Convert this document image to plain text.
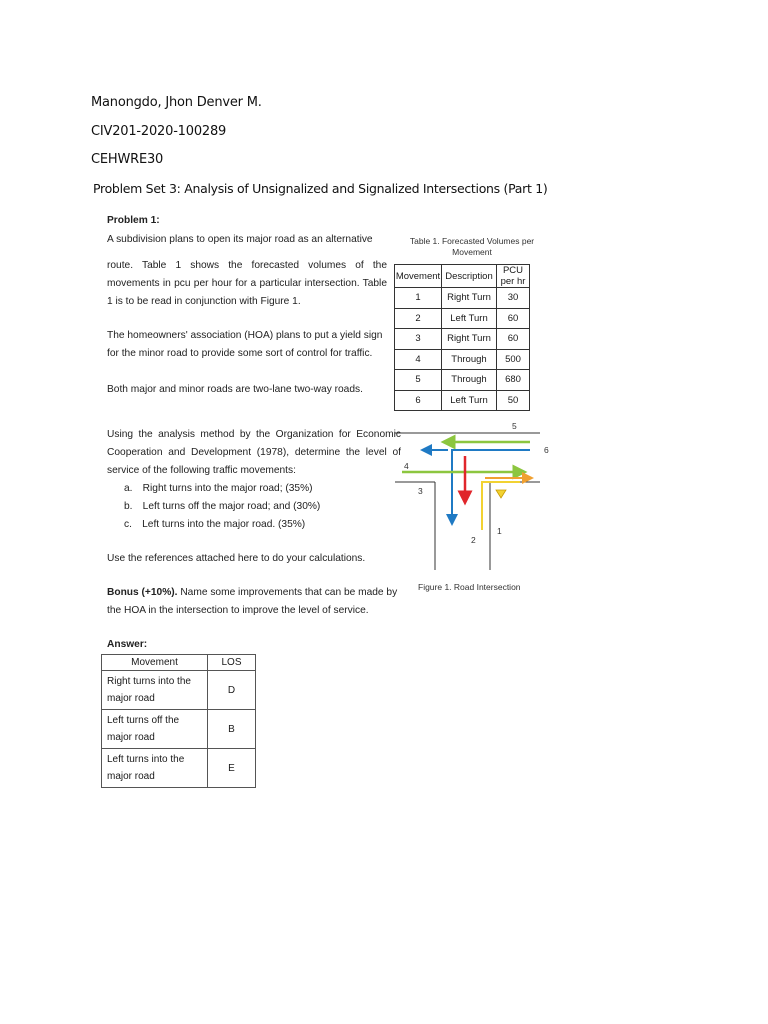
Manongdo, Jhon Denver M.
CIV201-2020-100289
CEHWRE30
Problem Set 3: Analysis of Unsignalized and Signalized Intersections (Part 1)
Problem 1:
A subdivision plans to open its major road as an alternative
route. Table 1 shows the forecasted volumes of the movements in pcu per hour for a particular intersection. Table 1 is to be read in conjunction with Figure 1.
The homeowners' association (HOA) plans to put a yield sign for the minor road to provide some sort of control for traffic.
Both major and minor roads are two-lane two-way roads.
Using the analysis method by the Organization for Economic Cooperation and Development (1978), determine the level of service of the following traffic movements:
a. Right turns into the major road; (35%)
b. Left turns off the major road; and (30%)
c. Left turns into the major road. (35%)
Use the references attached here to do your calculations.
Bonus (+10%). Name some improvements that can be made by the HOA in the intersection to improve the level of service.
Table 1. Forecasted Volumes per Movement
Movement	Description	PCU per hr
1	Right Turn	30
2	Left Turn	60
3	Right Turn	60
4	Through	500
5	Through	680
6	Left Turn	50
5
6
4
3
1
2
Figure 1. Road Intersection
Answer:
Movement	LOS
Right turns into the major road	D
Left turns off the major road	B
Left turns into the major road	E
